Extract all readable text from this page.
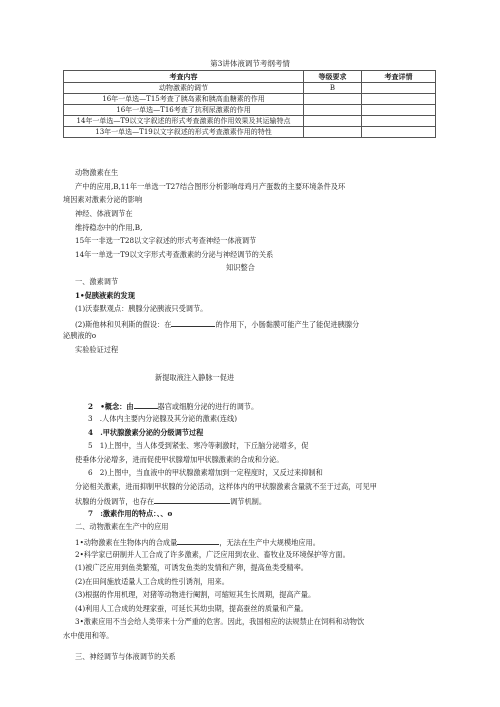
第3讲体液调节考纲考情
考查内容	等级要求	考查详情
动物激素的调节	B	
16年一单选—T15考查了胰岛素和胰高血糖素的作用		
16年一单选—T16考查了抗利尿激素的作用		
14年一单选—T9以文字叙述的形式考查激素的作用效果及其运输特点		
13年一单选—T19以文字叙述的形式考查激素作用的特性		
动物激素在生
产中的应用,B,11年一单选一T27结合图形分析影响母鸡月产蛋数的主要环境条件及环
境因素对激素分泌的影响
神经、体液调节在
维持稳态中的作用,B,
15年一非选一T28以文字叙述的形式考查神经一体液调节
14年一单选一T9以文字形式考查激素的分泌与神经调节的关系
知识整合
一、激素调节
1•促胰液素的发现
(1)沃泰默观点：胰腺分泌胰液只受调节。
(2)斯他林和贝利斯的假设：在	的作用下，小肠黏膜可能产生了能促进胰腺分
泌胰液的o
实验验证过程
新提取液注入静脉一促进
2　•概念：由	器官或细胞分泌的进行的调节。
3　.人体内主要内分泌腺及其分泌的激素(连线)
4　.甲状腺激素分泌的分级调节过程
5　1)上图中，当人体受到紧张、寒冷等刺激时，下丘脑分泌增多，促
使垂体分泌增多，进而促使甲状腺增加甲状腺激素的合成和分泌。
6　2)上图中，当血液中的甲状腺激素增加到一定程度时，又反过来抑制和
分泌相关激素，进而抑制甲状腺的分泌活动，这样体内的甲状腺激素含量就不至于过高，可见甲
状腺的分级调节，也存在	调节机制。
7　:激素作用的特点：、、o
二、动物激素在生产中的应用
1•动物激素在生物体内的合成量	，无法在生产中大规模地应用。
2•科学家已研制并人工合成了许多激素，广泛应用到农业、畜牧业及环境保护等方面。
(1)被广泛应用到鱼类繁殖，可诱发鱼类的发情和产卵，提高鱼类受精率。
(2)在田间施放适量人工合成的性引诱剂，用来。
(3)根据的作用机理，对猪等动物进行阉割，可缩短其生长周期，提高产量。
(4)利用人工合成的处理家蚕，可延长其幼虫期，提高蚕丝的质量和产量。
3•激素应用不当会给人类带来十分严重的危害。因此，我国相应的法规禁止在饲料和动物饮
水中使用和等。
三、神经调节与体液调节的关系
